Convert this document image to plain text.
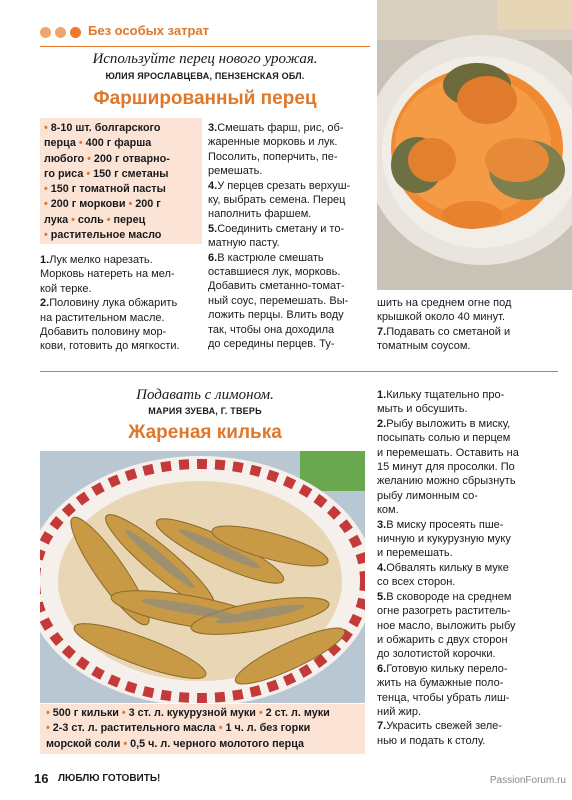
Без особых затрат
Используйте перец нового урожая.
ЮЛИЯ ЯРОСЛАВЦЕВА, ПЕНЗЕНСКАЯ ОБЛ.
Фаршированный перец
• 8-10 шт. болгарского
перца • 400 г фарша
любого • 200 г отварно-
го риса • 150 г сметаны
• 150 г томатной пасты
• 200 г моркови • 200 г
лука • соль • перец
• растительное масло

1.Лук мелко нарезать.

Морковь натереть на мел-

кой терке.

2.Половину лука обжарить

на растительном масле.

Добавить половину мор-

кови, готовить до мягкости.

3.Смешать фарш, рис, об-

жаренные морковь и лук.

Посолить, поперчить, пе-

ремешать.

4.У перцев срезать верхуш-

ку, выбрать семена. Перец

наполнить фаршем.

5.Соединить сметану и то-

матную пасту.

6.В кастрюле смешать

оставшиеся лук, морковь.

Добавить сметанно-томат-

ный соус, перемешать. Вы-

ложить перцы. Влить воду

так, чтобы она доходила

до середины перцев. Ту-

шить на среднем огне под

крышкой около 40 минут.

7.Подавать со сметаной и

томатным соусом.

Подавать с лимоном.
МАРИЯ ЗУЕВА, Г. ТВЕРЬ
Жареная килька
• 500 г кильки • 3 ст. л. кукурузной муки • 2 ст. л. муки
• 2-3 ст. л. растительного масла • 1 ч. л. без горки
морской соли • 0,5 ч. л. черного молотого перца

1.Кильку тщательно про-

мыть и обсушить.

2.Рыбу выложить в миску,

посыпать солью и перцем

и перемешать. Оставить на

15 минут для просолки. По

желанию можно сбрызнуть

рыбу лимонным со-

ком.

3.В миску просеять пше-

ничную и кукурузную муку

и перемешать.

4.Обвалять кильку в муке

со всех сторон.

5.В сковороде на среднем

огне разогреть раститель-

ное масло, выложить рыбу

и обжарить с двух сторон

до золотистой корочки.

6.Готовую кильку перело-

жить на бумажные поло-

тенца, чтобы убрать лиш-

ний жир.

7.Украсить свежей зеле-

нью и подать к столу.

16 ЛЮБЛЮ ГОТОВИТЬ!	PassionForum.ru
